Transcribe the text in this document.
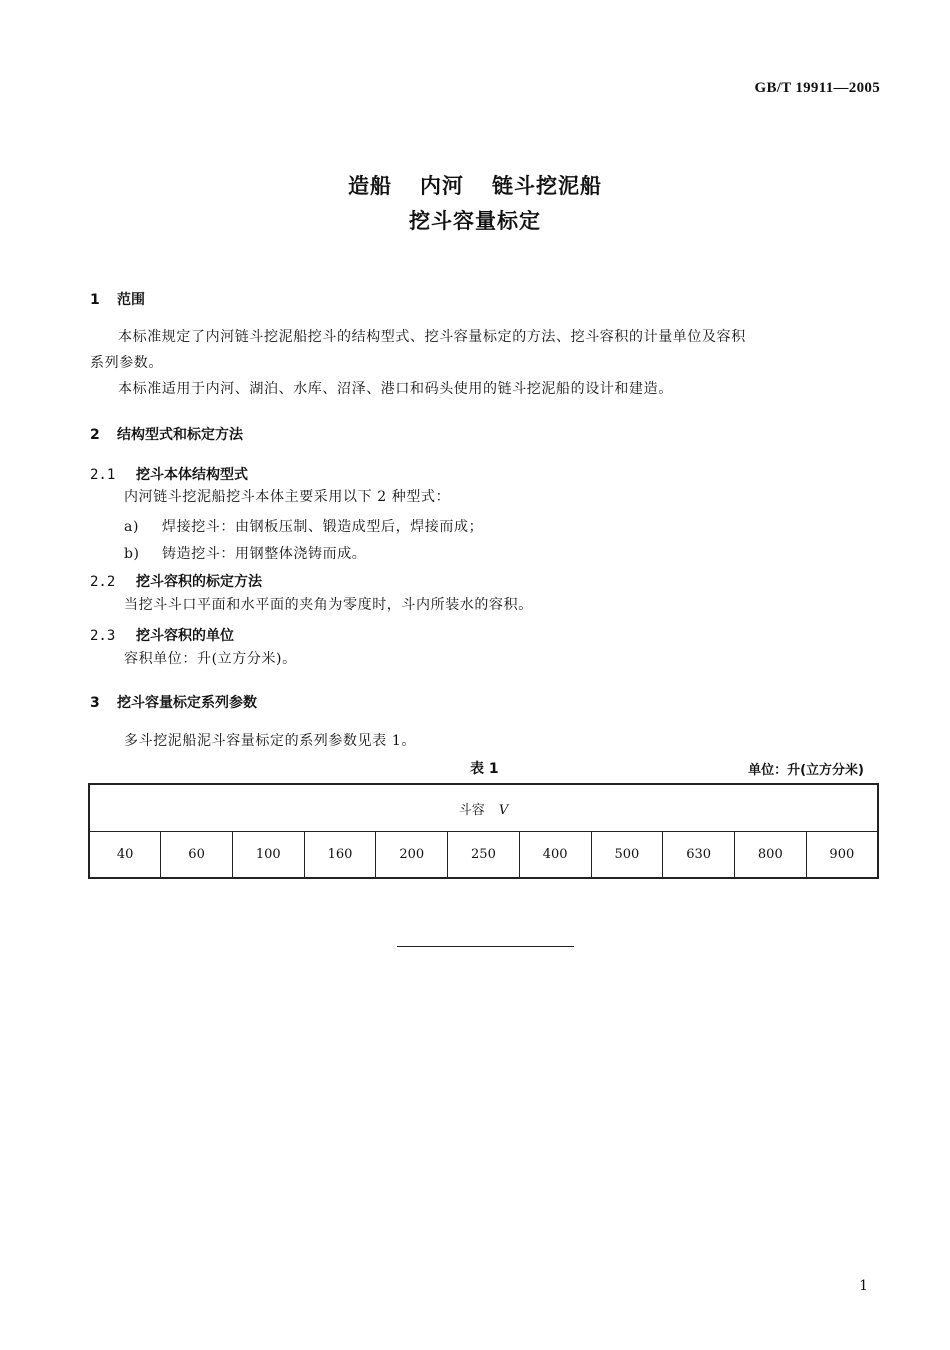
GB/T 19911—2005
造船 内河 链斗挖泥船
挖斗容量标定
1 范围
本标准规定了内河链斗挖泥船挖斗的结构型式、挖斗容量标定的方法、挖斗容积的计量单位及容积
系列参数。
本标准适用于内河、湖泊、水库、沼泽、港口和码头使用的链斗挖泥船的设计和建造。
2 结构型式和标定方法
2.1 挖斗本体结构型式
内河链斗挖泥船挖斗本体主要采用以下 2 种型式：
a) 焊接挖斗：由钢板压制、锻造成型后，焊接而成；
b) 铸造挖斗：用钢整体浇铸而成。
2.2 挖斗容积的标定方法
当挖斗斗口平面和水平面的夹角为零度时，斗内所装水的容积。
2.3 挖斗容积的单位
容积单位：升(立方分米)。
3 挖斗容量标定系列参数
多斗挖泥船泥斗容量标定的系列参数见表 1。
表 1	单位：升(立方分米)
斗容 V
40	60	100	160	200	250	400	500	630	800	900
1
